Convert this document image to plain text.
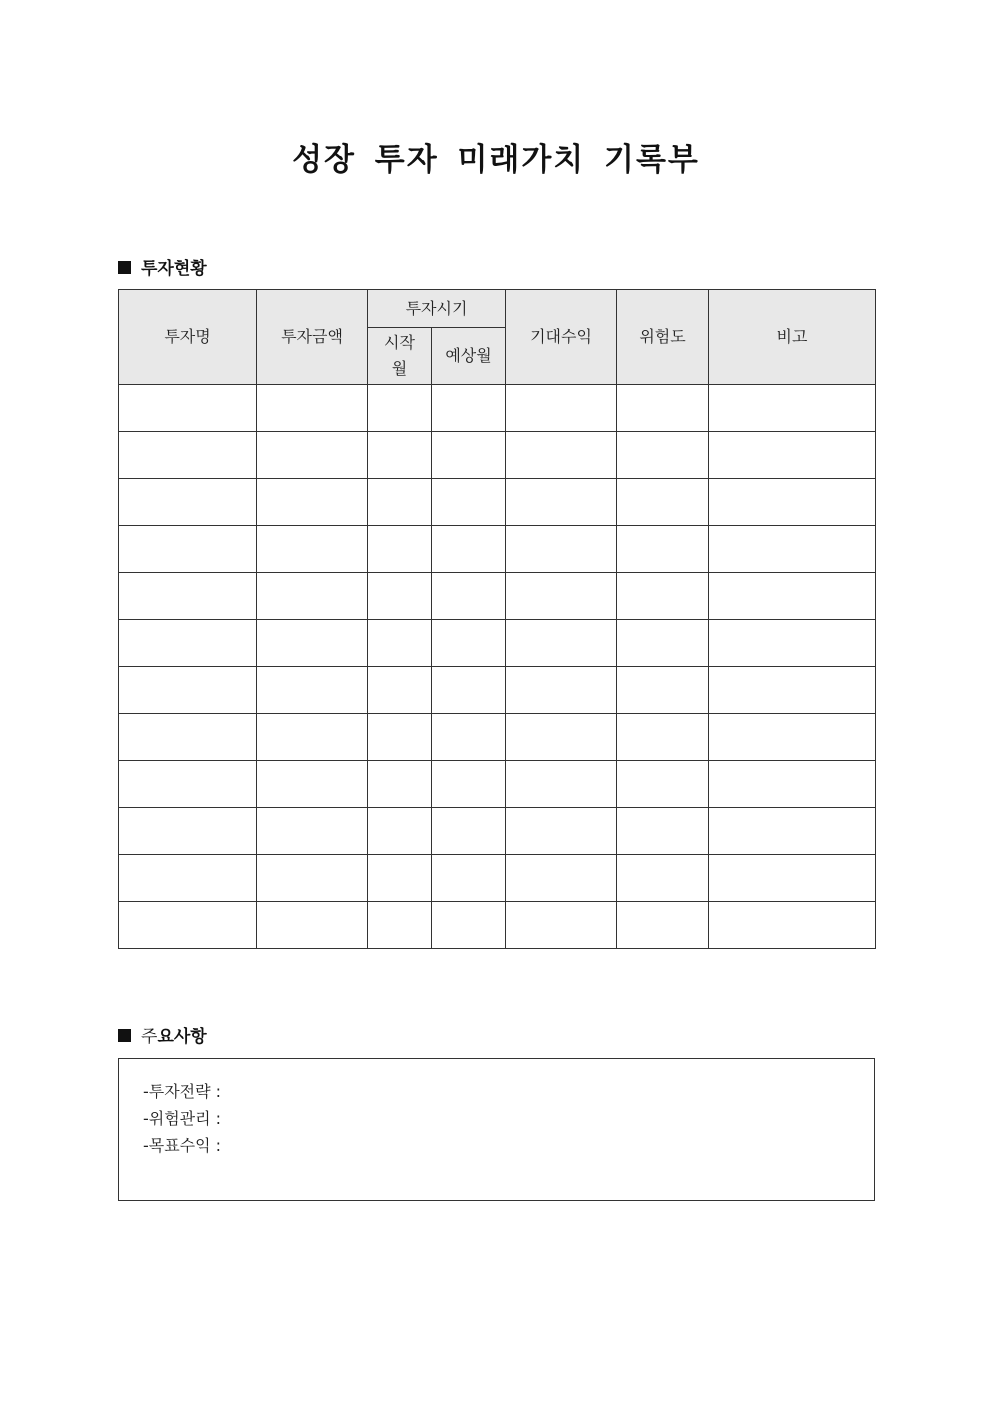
성장 투자 미래가치 기록부
투자현황
투자명	투자금액	투자시기		기대수익	위험도	비고
		시작월	예상월			

주 요사항
-투자전략 :
-위험관리 :
-목표수익 :
